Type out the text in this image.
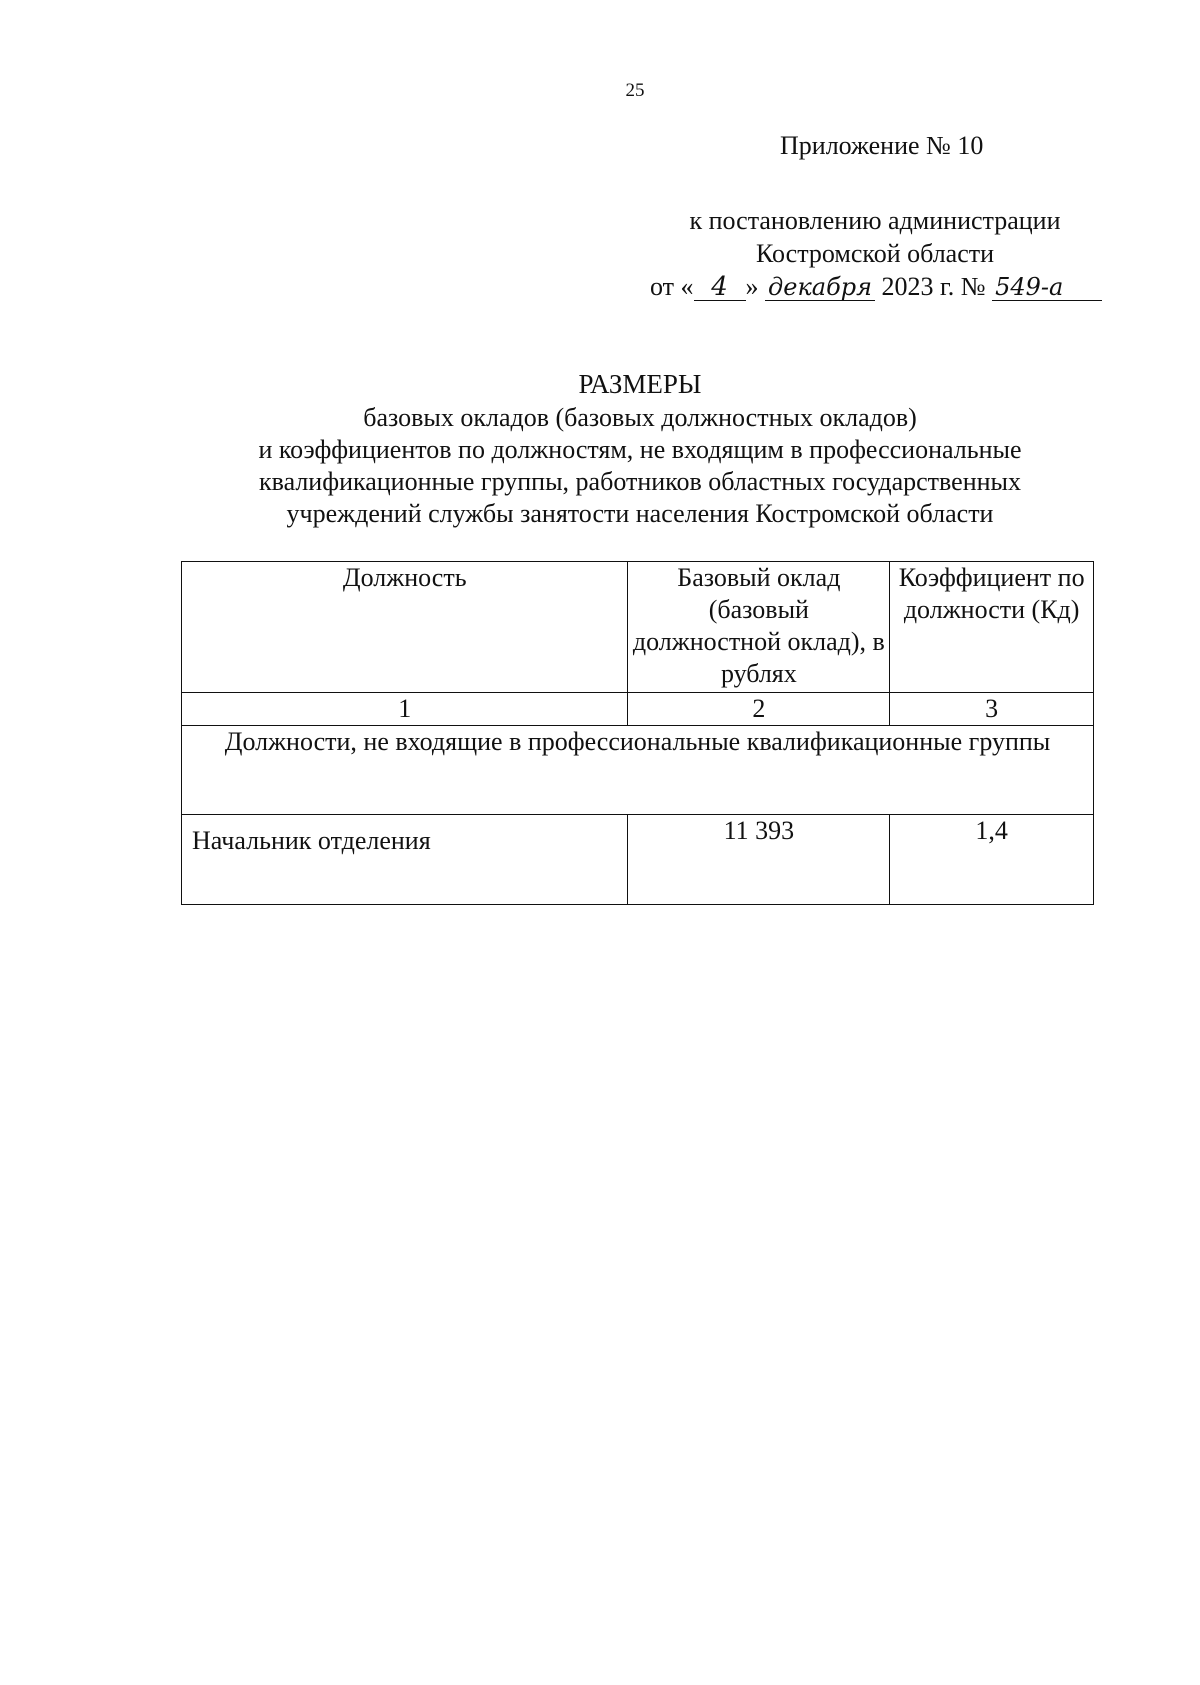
25
Приложение № 10
к постановлению администрации
Костромской области
от « 4 » декабря 2023 г. № 549-а
РАЗМЕРЫ
базовых окладов (базовых должностных окладов)
и коэффициентов по должностям, не входящим в профессиональные
квалификационные группы, работников областных государственных
учреждений службы занятости населения Костромской области
Должность	Базовый оклад (базовый должностной оклад), в рублях	Коэффициент по должности (Кд)
1	2	3
Должности, не входящие в профессиональные квалификационные группы		
Начальник отделения	11 393	1,4
